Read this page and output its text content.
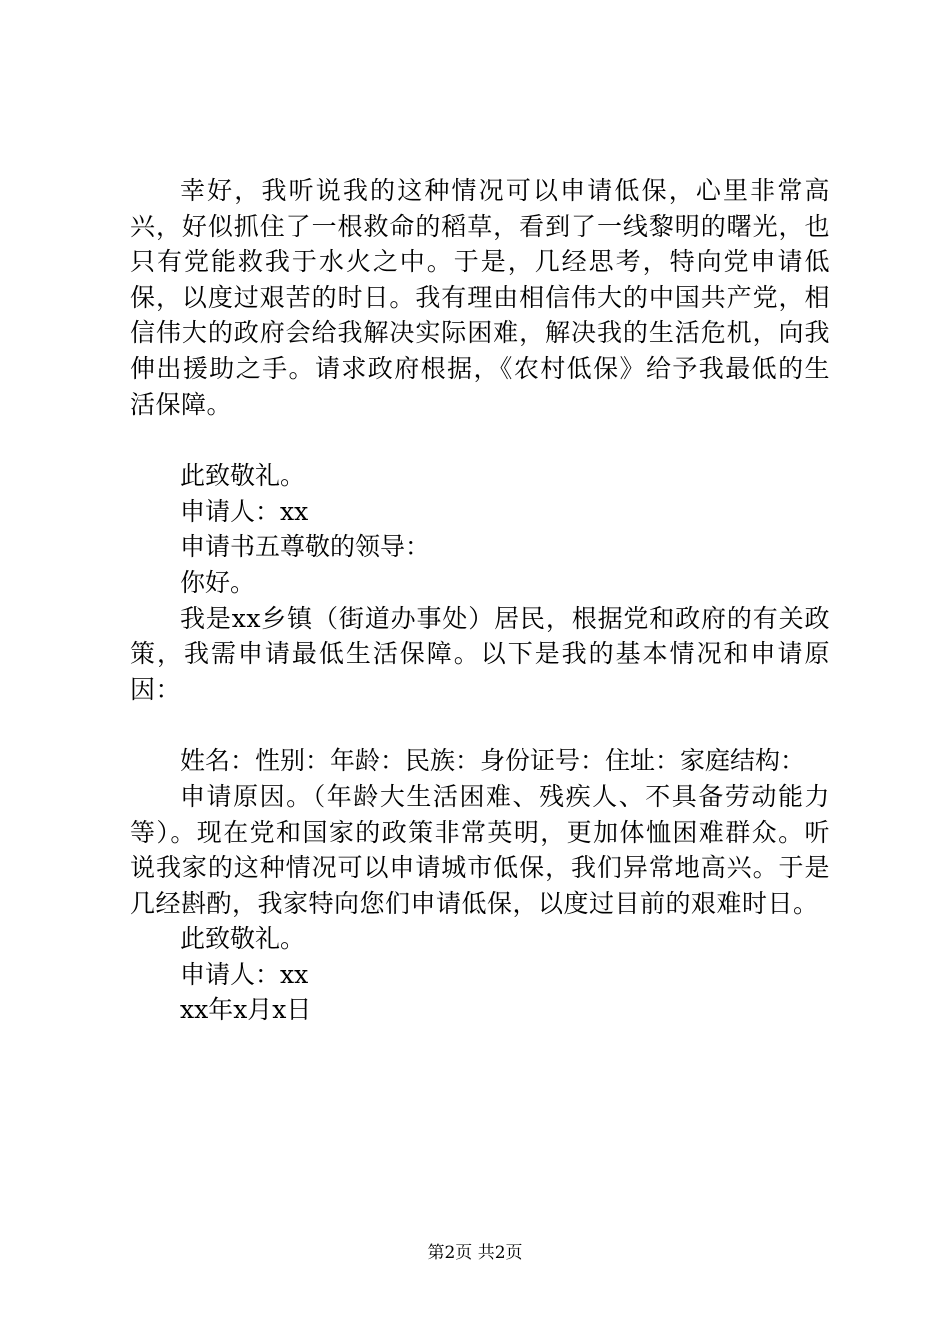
幸好，我听说我的这种情况可以申请低保，心里非常高兴，好似抓住了一根救命的稻草，看到了一线黎明的曙光，也只有党能救我于水火之中。于是，几经思考，特向党申请低保，以度过艰苦的时日。我有理由相信伟大的中国共产党，相信伟大的政府会给我解决实际困难，解决我的生活危机，向我伸出援助之手。请求政府根据，《农村低保》给予我最低的生活保障。

此致敬礼。

申请人：xx

申请书五尊敬的领导：

你好。

我是xx乡镇（街道办事处）居民，根据党和政府的有关政策，我需申请最低生活保障。以下是我的基本情况和申请原因：

姓名：性别：年龄：民族：身份证号：住址：家庭结构：

申请原因。（年龄大生活困难、残疾人、不具备劳动能力等）。现在党和国家的政策非常英明，更加体恤困难群众。听说我家的这种情况可以申请城市低保，我们异常地高兴。于是几经斟酌，我家特向您们申请低保，以度过目前的艰难时日。

此致敬礼。

申请人：xx

xx年x月x日

第2页 共2页
